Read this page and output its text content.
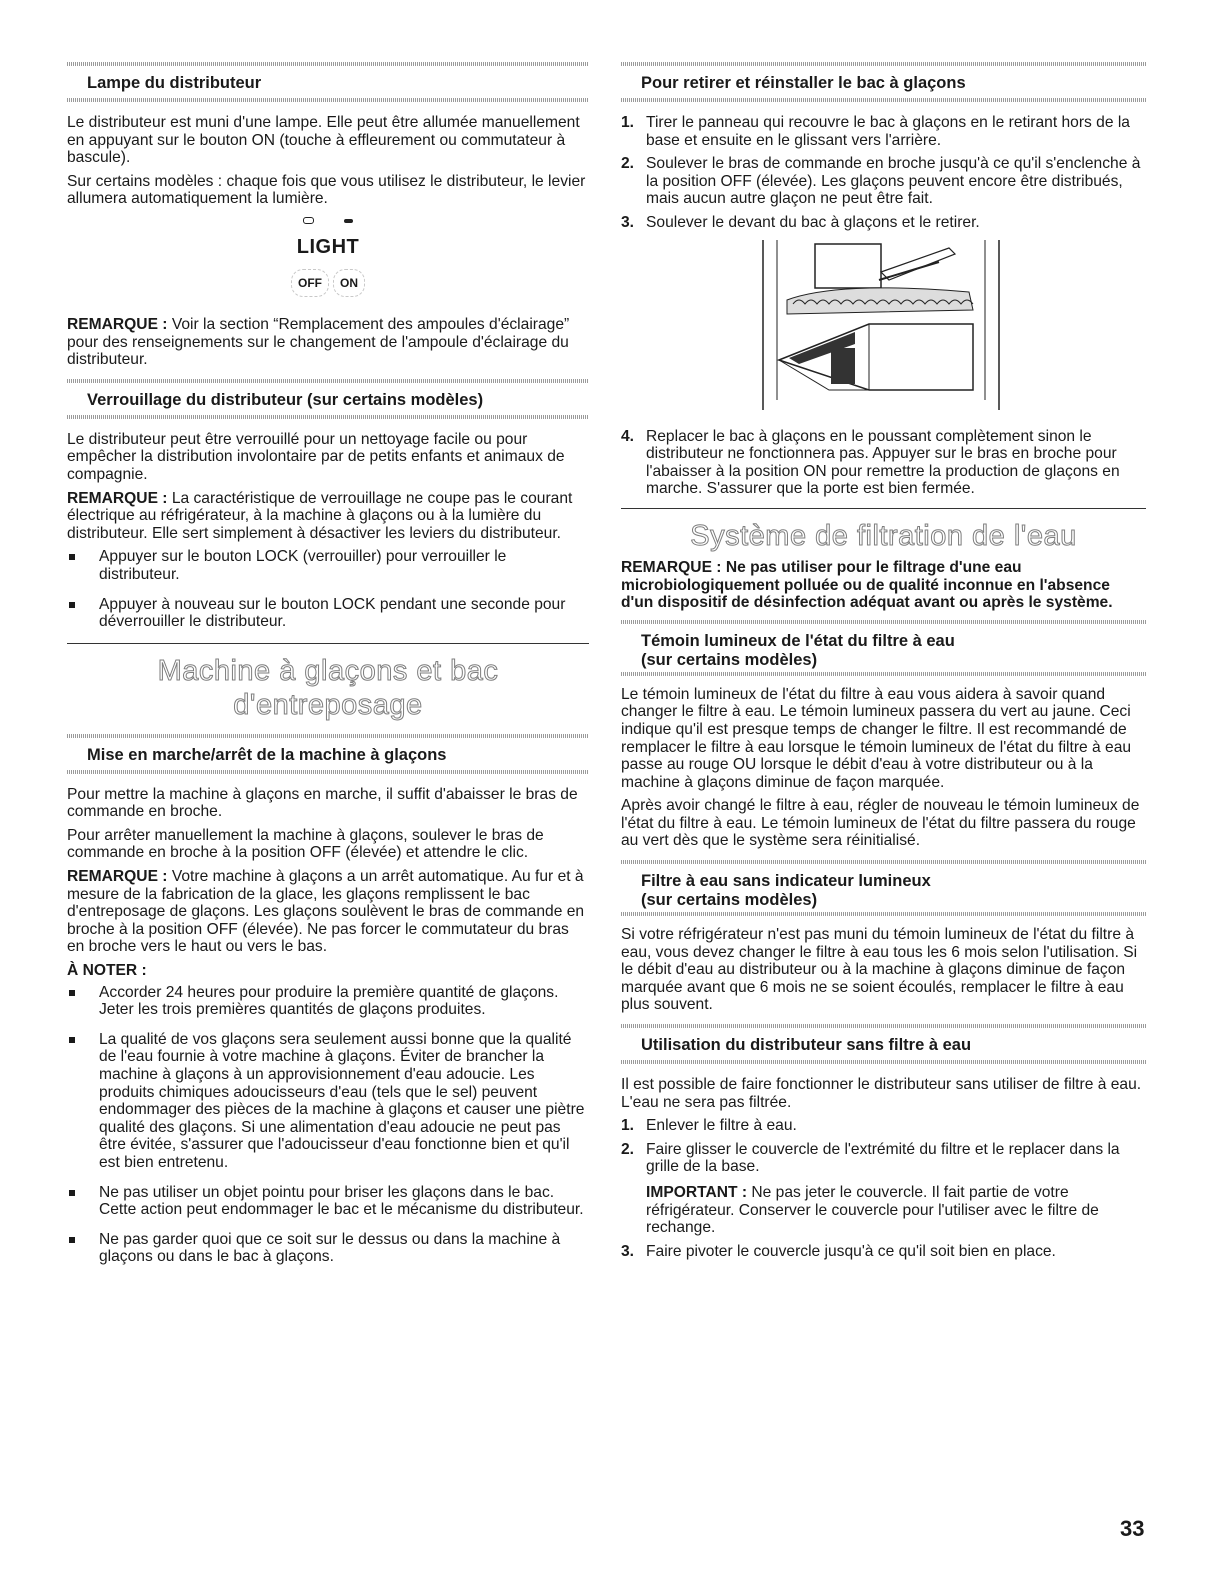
Lampe du distributeur

Le distributeur est muni d'une lampe. Elle peut être allumée manuellement en appuyant sur le bouton ON (touche à effleurement ou commutateur à bascule).

Sur certains modèles : chaque fois que vous utilisez le distributeur, le levier allumera automatiquement la lumière.

LIGHT
OFF	ON

REMARQUE : Voir la section “Remplacement des ampoules d'éclairage” pour des renseignements sur le changement de l'ampoule d'éclairage du distributeur.

Verrouillage du distributeur (sur certains modèles)

Le distributeur peut être verrouillé pour un nettoyage facile ou pour empêcher la distribution involontaire par de petits enfants et animaux de compagnie.

REMARQUE : La caractéristique de verrouillage ne coupe pas le courant électrique au réfrigérateur, à la machine à glaçons ou à la lumière du distributeur. Elle sert simplement à désactiver les leviers du distributeur.

Appuyer sur le bouton LOCK (verrouiller) pour verrouiller le distributeur.
Appuyer à nouveau sur le bouton LOCK pendant une seconde pour déverrouiller le distributeur.
Machine à glaçons et bac
d'entreposage
Mise en marche/arrêt de la machine à glaçons

Pour mettre la machine à glaçons en marche, il suffit d'abaisser le bras de commande en broche.

Pour arrêter manuellement la machine à glaçons, soulever le bras de commande en broche à la position OFF (élevée) et attendre le clic.

REMARQUE : Votre machine à glaçons a un arrêt automatique. Au fur et à mesure de la fabrication de la glace, les glaçons remplissent le bac d'entreposage de glaçons. Les glaçons soulèvent le bras de commande en broche à la position OFF (élevée). Ne pas forcer le commutateur du bras en broche vers le haut ou vers le bas.

À NOTER :
Accorder 24 heures pour produire la première quantité de glaçons. Jeter les trois premières quantités de glaçons produites.
La qualité de vos glaçons sera seulement aussi bonne que la qualité de l'eau fournie à votre machine à glaçons. Éviter de brancher la machine à glaçons à un approvisionnement d'eau adoucie. Les produits chimiques adoucisseurs d'eau (tels que le sel) peuvent endommager des pièces de la machine à glaçons et causer une piètre qualité des glaçons. Si une alimentation d'eau adoucie ne peut pas être évitée, s'assurer que l'adoucisseur d'eau fonctionne bien et qu'il est bien entretenu.
Ne pas utiliser un objet pointu pour briser les glaçons dans le bac. Cette action peut endommager le bac et le mécanisme du distributeur.
Ne pas garder quoi que ce soit sur le dessus ou dans la machine à glaçons ou dans le bac à glaçons.
Pour retirer et réinstaller le bac à glaçons
1. Tirer le panneau qui recouvre le bac à glaçons en le retirant hors de la base et ensuite en le glissant vers l'arrière.
2. Soulever le bras de commande en broche jusqu'à ce qu'il s'enclenche à la position OFF (élevée). Les glaçons peuvent encore être distribués, mais aucun autre glaçon ne peut être fait.
3. Soulever le devant du bac à glaçons et le retirer.
4. Replacer le bac à glaçons en le poussant complètement sinon le distributeur ne fonctionnera pas. Appuyer sur le bras en broche pour l'abaisser à la position ON pour remettre la production de glaçons en marche. S'assurer que la porte est bien fermée.
Système de filtration de l'eau
REMARQUE : Ne pas utiliser pour le filtrage d'une eau microbiologiquement polluée ou de qualité inconnue en l'absence d'un dispositif de désinfection adéquat avant ou après le système.
Témoin lumineux de l'état du filtre à eau
(sur certains modèles)

Le témoin lumineux de l'état du filtre à eau vous aidera à savoir quand changer le filtre à eau. Le témoin lumineux passera du vert au jaune. Ceci indique qu'il est presque temps de changer le filtre. Il est recommandé de remplacer le filtre à eau lorsque le témoin lumineux de l'état du filtre à eau passe au rouge OU lorsque le débit d'eau à votre distributeur ou à la machine à glaçons diminue de façon marquée.

Après avoir changé le filtre à eau, régler de nouveau le témoin lumineux de l'état du filtre à eau. Le témoin lumineux de l'état du filtre passera du rouge au vert dès que le système sera réinitialisé.

Filtre à eau sans indicateur lumineux
(sur certains modèles)

Si votre réfrigérateur n'est pas muni du témoin lumineux de l'état du filtre à eau, vous devez changer le filtre à eau tous les 6 mois selon l'utilisation. Si le débit d'eau au distributeur ou à la machine à glaçons diminue de façon marquée avant que 6 mois ne se soient écoulés, remplacer le filtre à eau plus souvent.

Utilisation du distributeur sans filtre à eau

Il est possible de faire fonctionner le distributeur sans utiliser de filtre à eau. L'eau ne sera pas filtrée.

1. Enlever le filtre à eau.
2. Faire glisser le couvercle de l'extrémité du filtre et le replacer dans la grille de la base.

IMPORTANT : Ne pas jeter le couvercle. Il fait partie de votre réfrigérateur. Conserver le couvercle pour l'utiliser avec le filtre de rechange.

3. Faire pivoter le couvercle jusqu'à ce qu'il soit bien en place.
33
